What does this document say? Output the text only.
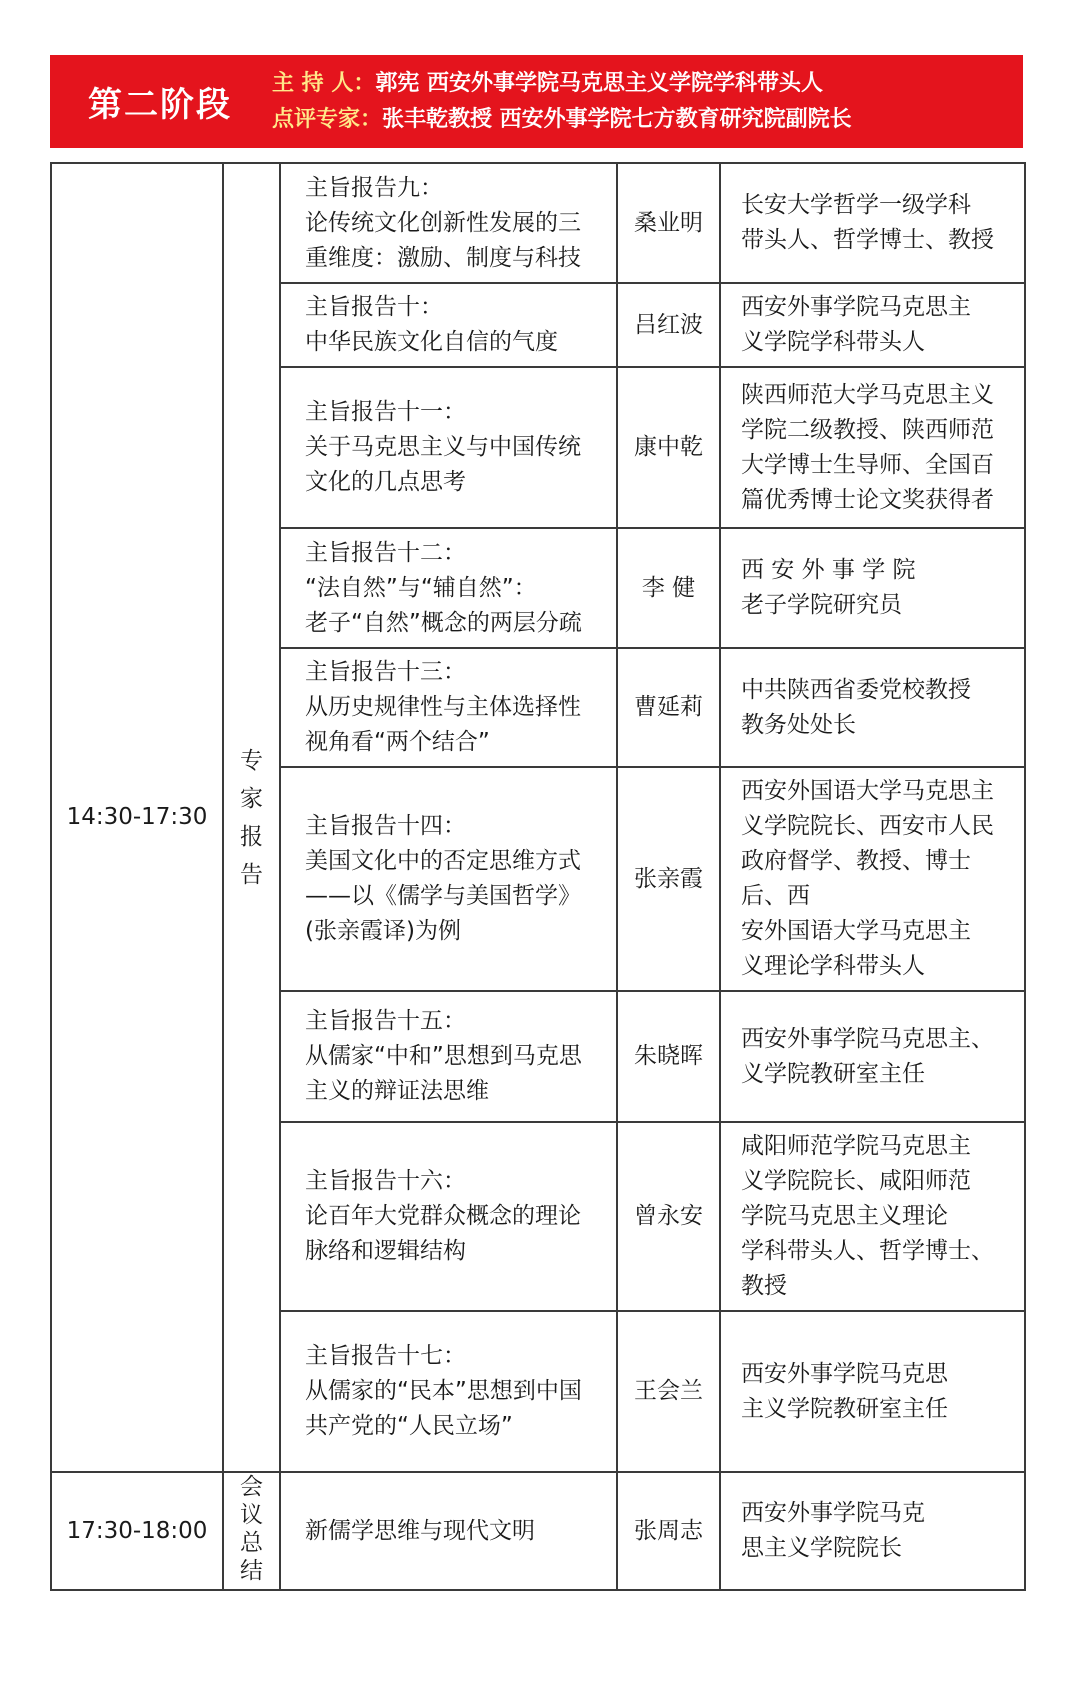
第二阶段
主 持 人：郭宪 西安外事学院马克思主义学院学科带头人
点评专家：张丰乾教授 西安外事学院七方教育研究院副院长
14:30-17:30	专家报告	主旨报告九：
论传统文化创新性发展的三
重维度：激励、制度与科技	桑业明	长安大学哲学一级学科
带头人、哲学博士、教授

		主旨报告十：
中华民族文化自信的气度	吕红波	西安外事学院马克思主
义学院学科带头人

		主旨报告十一：
关于马克思主义与中国传统
文化的几点思考	康中乾	陕西师范大学马克思主义
学院二级教授、陕西师范
大学博士生导师、全国百
篇优秀博士论文奖获得者

		主旨报告十二：
“法自然”与“辅自然”：
老子“自然”概念的两层分疏	李 健	西 安 外 事 学 院
老子学院研究员

		主旨报告十三：
从历史规律性与主体选择性
视角看“两个结合”	曹延莉	中共陕西省委党校教授
教务处处长

		主旨报告十四：
美国文化中的否定思维方式
——以《儒学与美国哲学》
(张亲霞译)为例	张亲霞	西安外国语大学马克思主
义学院院长、西安市人民
政府督学、教授、博士后、西
安外国语大学马克思主
义理论学科带头人

		主旨报告十五：
从儒家“中和”思想到马克思
主义的辩证法思维	朱晓晖	西安外事学院马克思主、
义学院教研室主任

		主旨报告十六：
论百年大党群众概念的理论
脉络和逻辑结构	曾永安	咸阳师范学院马克思主
义学院院长、咸阳师范
学院马克思主义理论
学科带头人、哲学博士、
教授

		主旨报告十七：
从儒家的“民本”思想到中国
共产党的“人民立场”	王会兰	西安外事学院马克思
主义学院教研室主任
17:30-18:00	会议总结	新儒学思维与现代文明	张周志	西安外事学院马克
思主义学院院长
